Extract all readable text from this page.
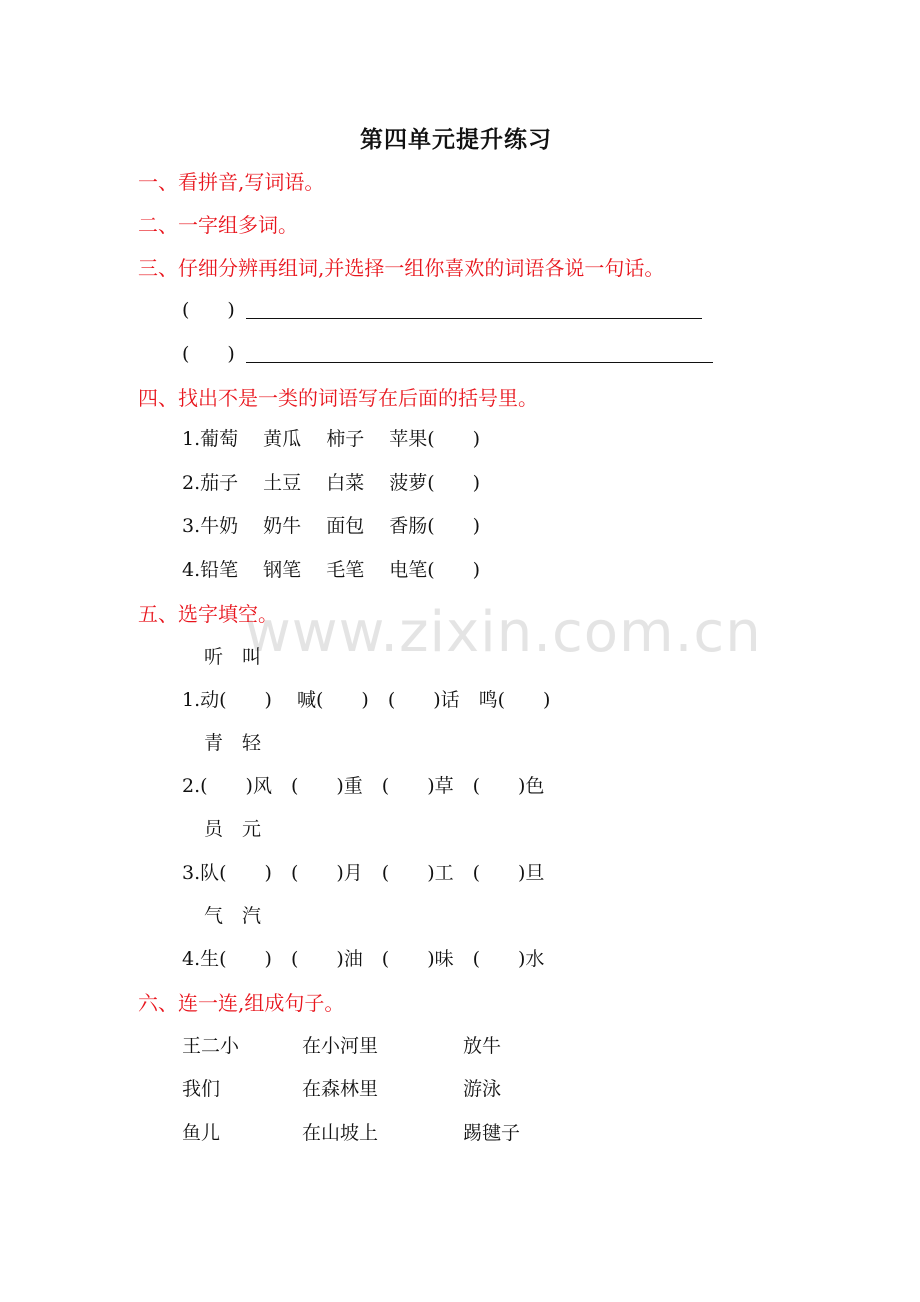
www.zixin.com.cn
第四单元提升练习
一、看拼音,写词语。
二、一字组多词。
三、仔细分辨再组词,并选择一组你喜欢的词语各说一句话。
(　　)
(　　)
四、找出不是一类的词语写在后面的括号里。
1.葡萄　 黄瓜　 柿子　 苹果(　　)
2.茄子　 土豆　 白菜　 菠萝(　　)
3.牛奶　 奶牛　 面包　 香肠(　　)
4.铅笔　 钢笔　 毛笔　 电笔(　　)
五、选字填空。
听　叫
1.动(　　)　 喊(　　)　(　　)话　鸣(　　)
青　轻
2.(　　)风　(　　)重　(　　)草　(　　)色
员　元
3.队(　　)　(　　)月　(　　)工　(　　)旦
气　汽
4.生(　　)　(　　)油　(　　)味　(　　)水
六、连一连,组成句子。
王二小	在小河里	放牛
我们	在森林里	游泳
鱼儿	在山坡上	踢毽子
